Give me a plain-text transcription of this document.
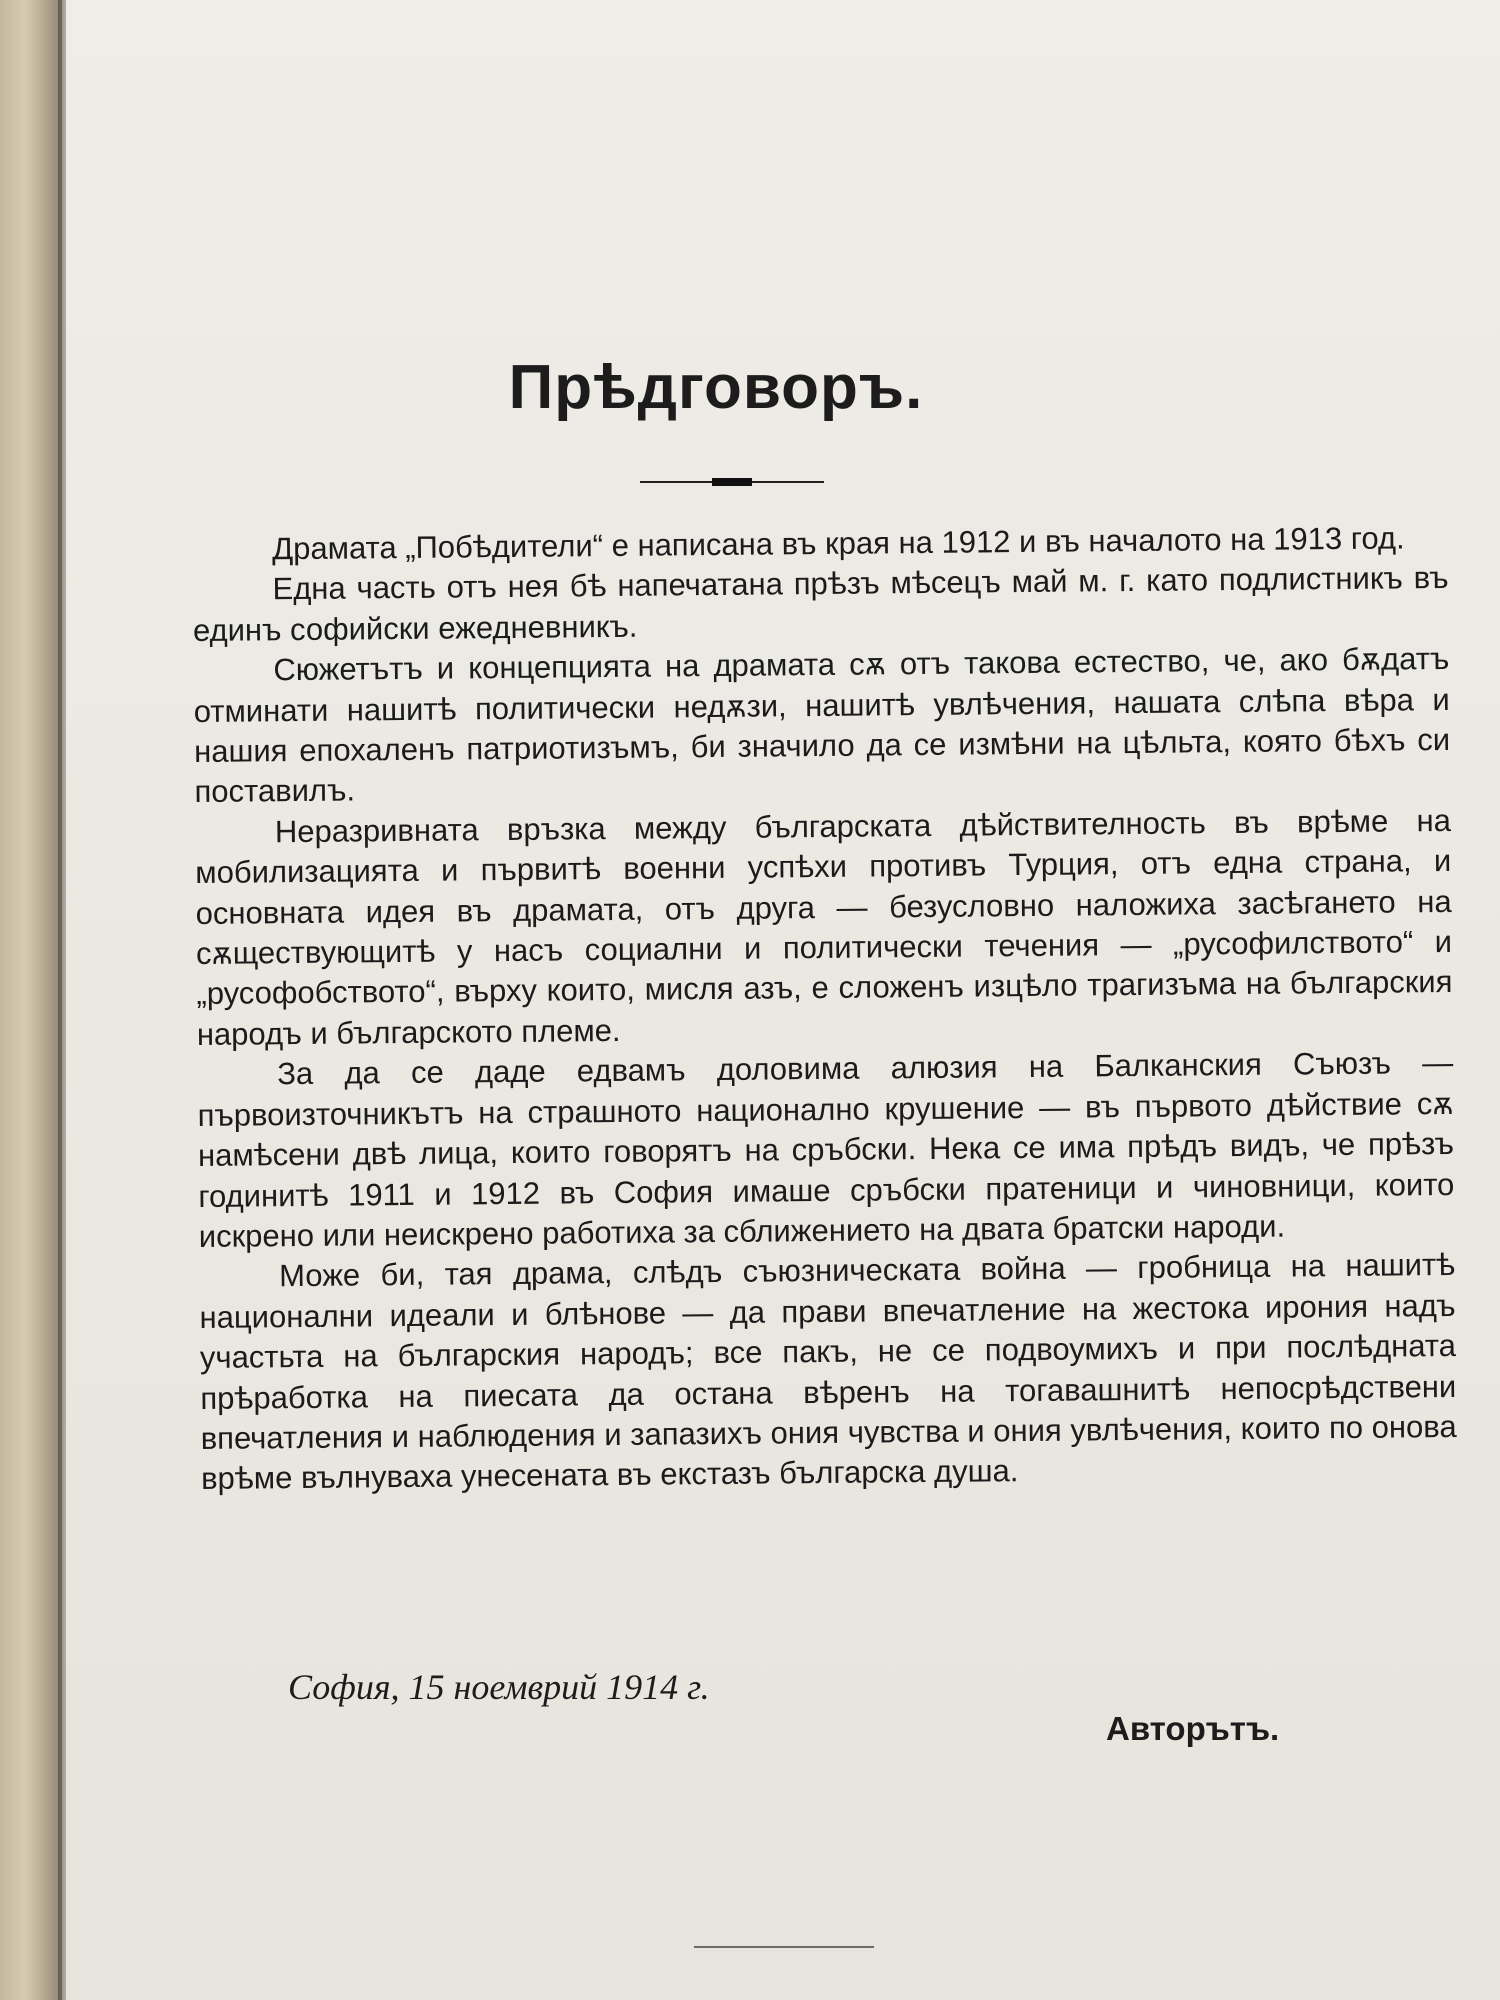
Прѣдговоръ.

Драмата „Побѣдители“ е написана въ края на 1912 и въ началото на 1913 год.

Една часть отъ нея бѣ напечатана прѣзъ мѣсецъ май м. г. като подлистникъ въ единъ софийски ежедневникъ.

Сюжетътъ и концепцията на драмата сѫ отъ такова естество, че, ако бѫдатъ отминати нашитѣ политически недѫзи, нашитѣ увлѣчения, нашата слѣпа вѣра и нашия епохаленъ патриотизъмъ, би значило да се измѣни на цѣльта, която бѣхъ си поставилъ.

Неразривната връзка между българската дѣйствителность въ врѣме на мобилизацията и първитѣ военни успѣхи противъ Турция, отъ една страна, и основната идея въ драмата, отъ друга — безусловно наложиха засѣгането на сѫществующитѣ у насъ социални и политически течения — „русофилството“ и „русофобството“, върху които, мисля азъ, е сложенъ изцѣло трагизъма на българския народъ и българското племе.

За да се даде едвамъ доловима алюзия на Балканския Съюзъ — първоизточникътъ на страшното национално крушение — въ първото дѣйствие сѫ намѣсени двѣ лица, които говорятъ на сръбски. Нека се има прѣдъ видъ, че прѣзъ годинитѣ 1911 и 1912 въ София имаше сръбски пратеници и чиновници, които искрено или неискрено работиха за сближението на двата братски народи.

Може би, тая драма, слѣдъ съюзническата война — гробница на нашитѣ национални идеали и блѣнове — да прави впечатление на жестока ирония надъ участьта на българския народъ; все пакъ, не се подвоумихъ и при послѣдната прѣработка на пиесата да остана вѣренъ на тогавашнитѣ непосрѣдствени впечатления и наблюдения и запазихъ ония чувства и ония увлѣчения, които по онова врѣме вълнуваха унесената въ екстазъ българска душа.

София, 15 ноемврий 1914 г.
Авторътъ.
